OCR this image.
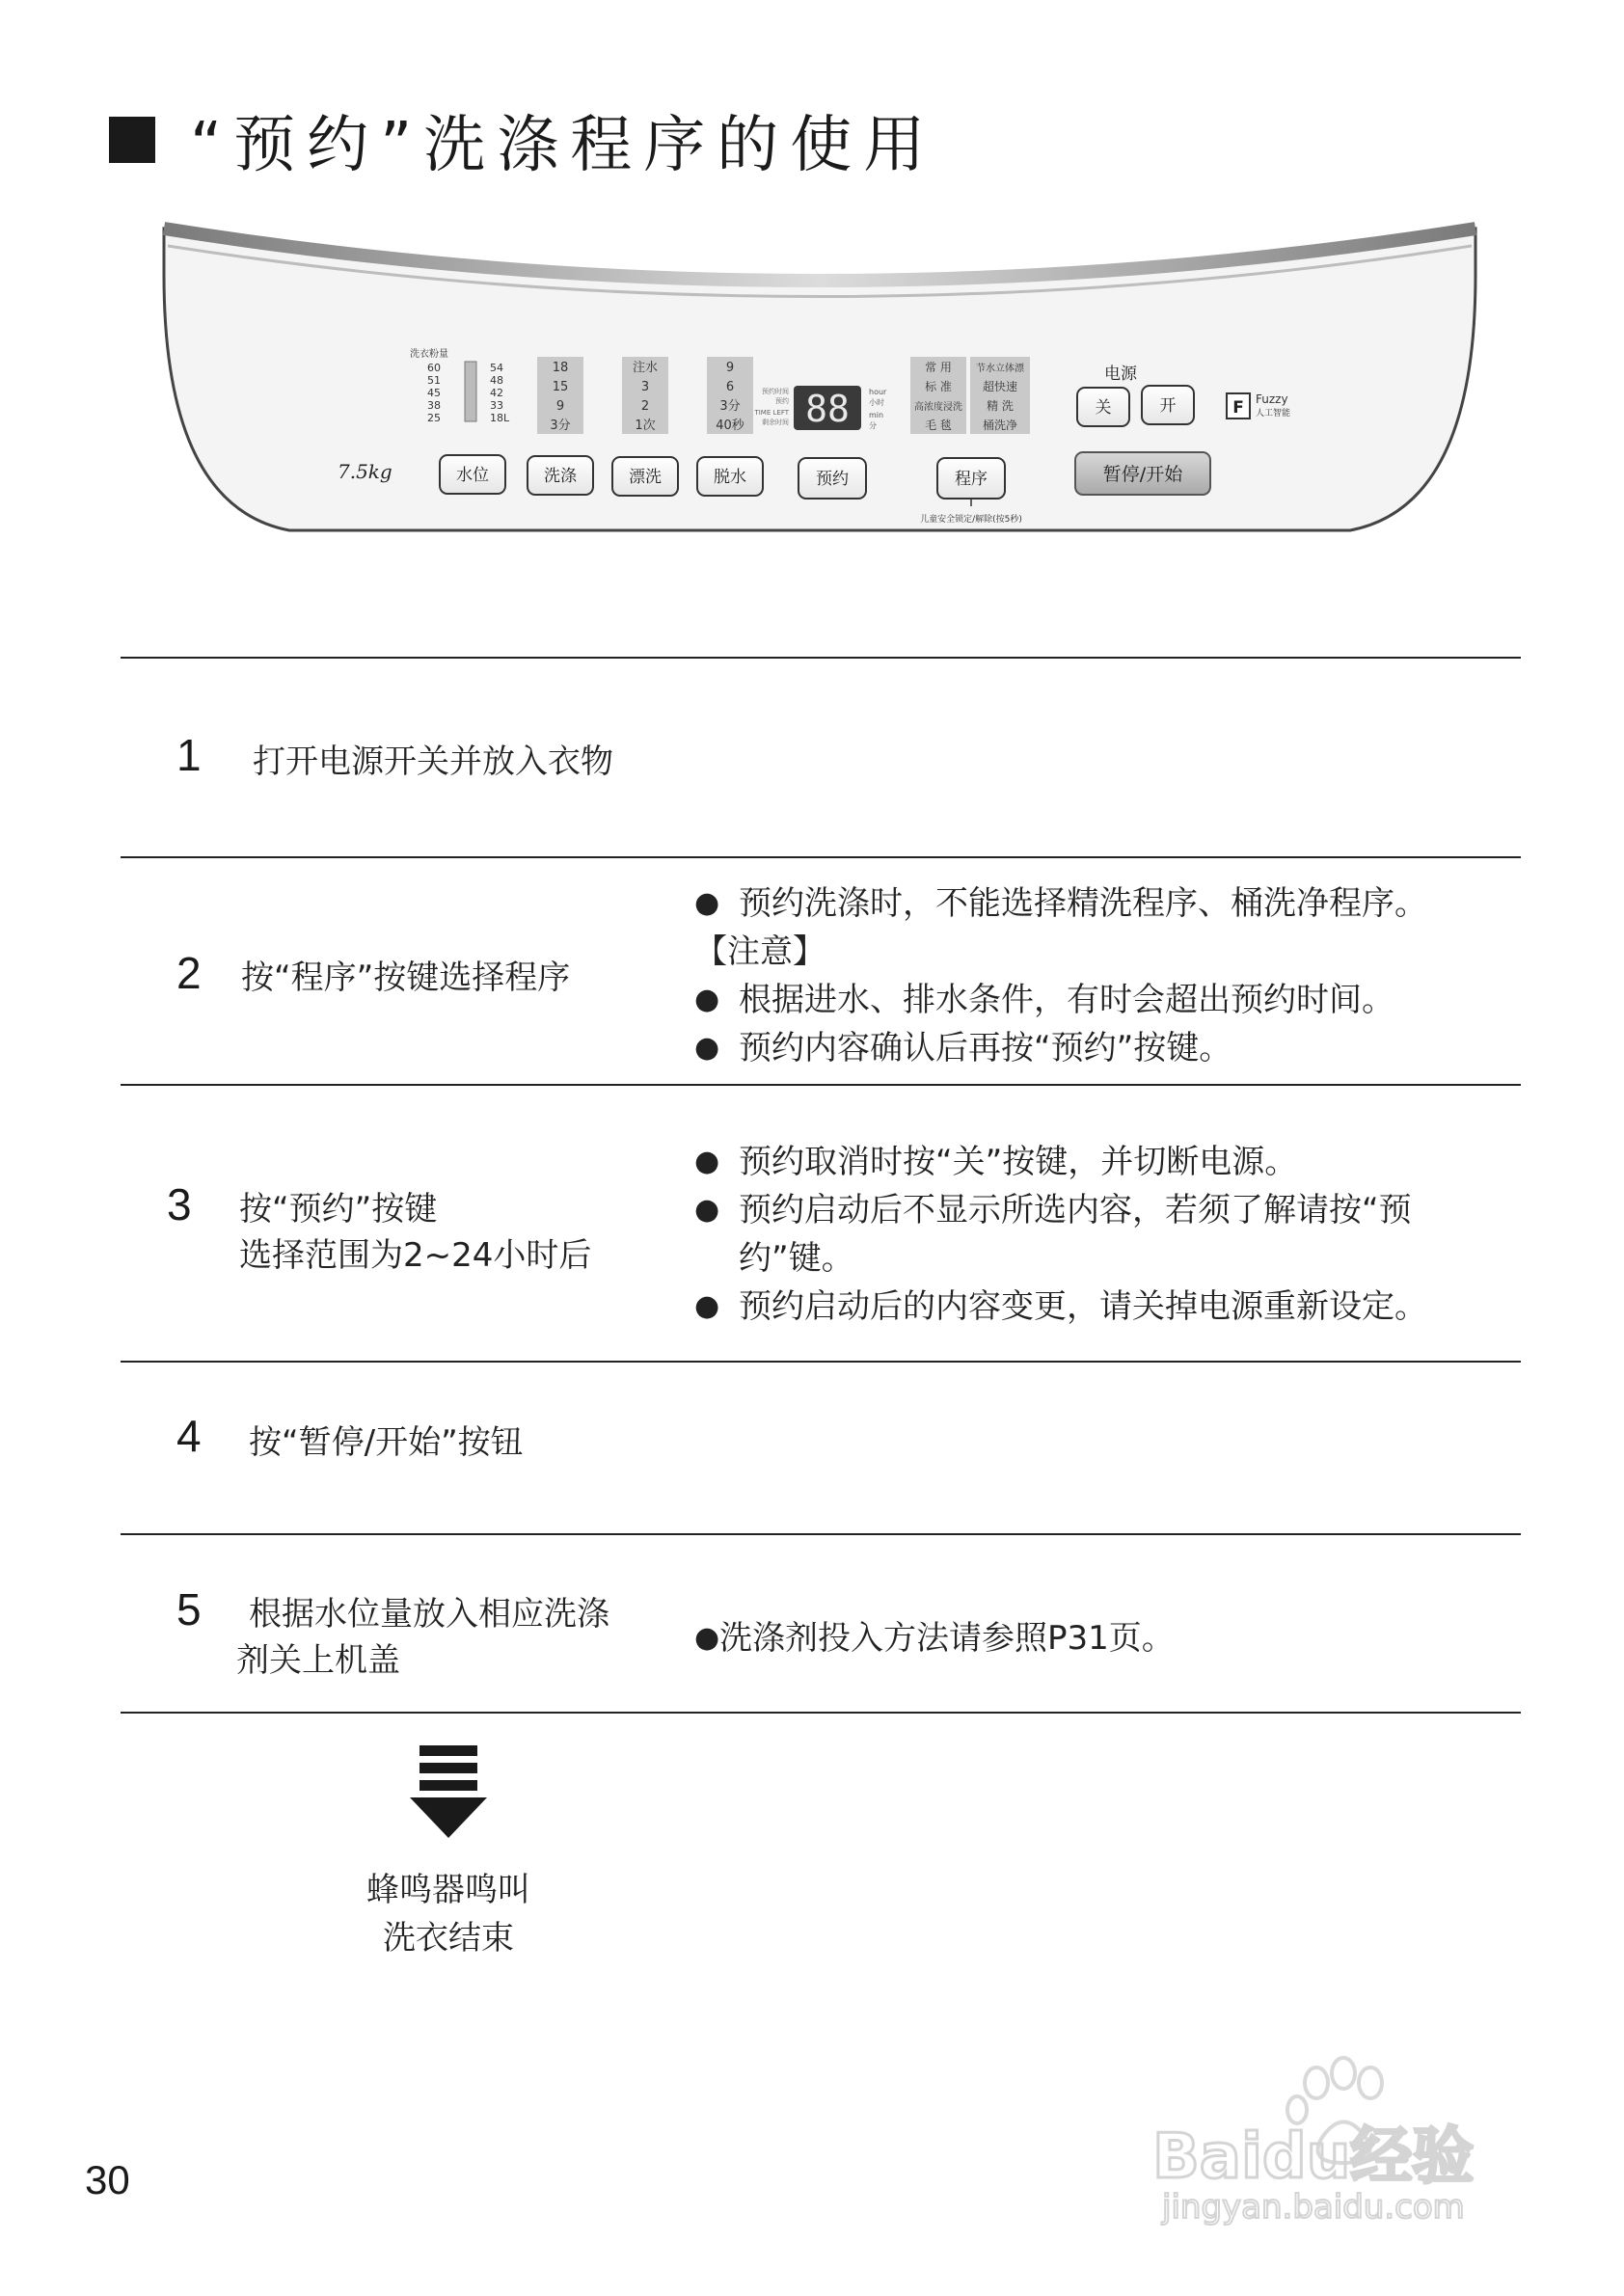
“预约”洗涤程序的使用
洗衣粉量
60
51
45
38
25
54
48
42
33
18L
18
15
9
3分
注水
3
2
1次
9
6
3分
40秒
预约时间
预约
TIME LEFT
剩余时间 88	hour
小时
min
分
常 用
标 准
高浓度浸洗
毛 毯
节水立体漂
超快速
精 洗
桶洗净
电源
关	开	F Fuzzy
人工智能
7.5kg	水位	洗涤	漂洗	脱水	预约	程序
儿童安全锁定/解除(按5秒)
暂停/开始
1 打开电源开关并放入衣物
2 按“程序”按键选择程序
● 预约洗涤时，不能选择精洗程序、桶洗净程序。
【注意】
● 根据进水、排水条件，有时会超出预约时间。
● 预约内容确认后再按“预约”按键。
3 按“预约”按键
选择范围为2~24小时后
● 预约取消时按“关”按键，并切断电源。
● 预约启动后不显示所选内容，若须了解请按“预约”键。
● 预约启动后的内容变更，请关掉电源重新设定。
4 按“暂停/开始”按钮
5	根据水位量放入相应洗涤
剂关上机盖
● 洗涤剂投入方法请参照P31页。
蜂鸣器鸣叫
洗衣结束
30	Baidu经验
jingyan.baidu.com
